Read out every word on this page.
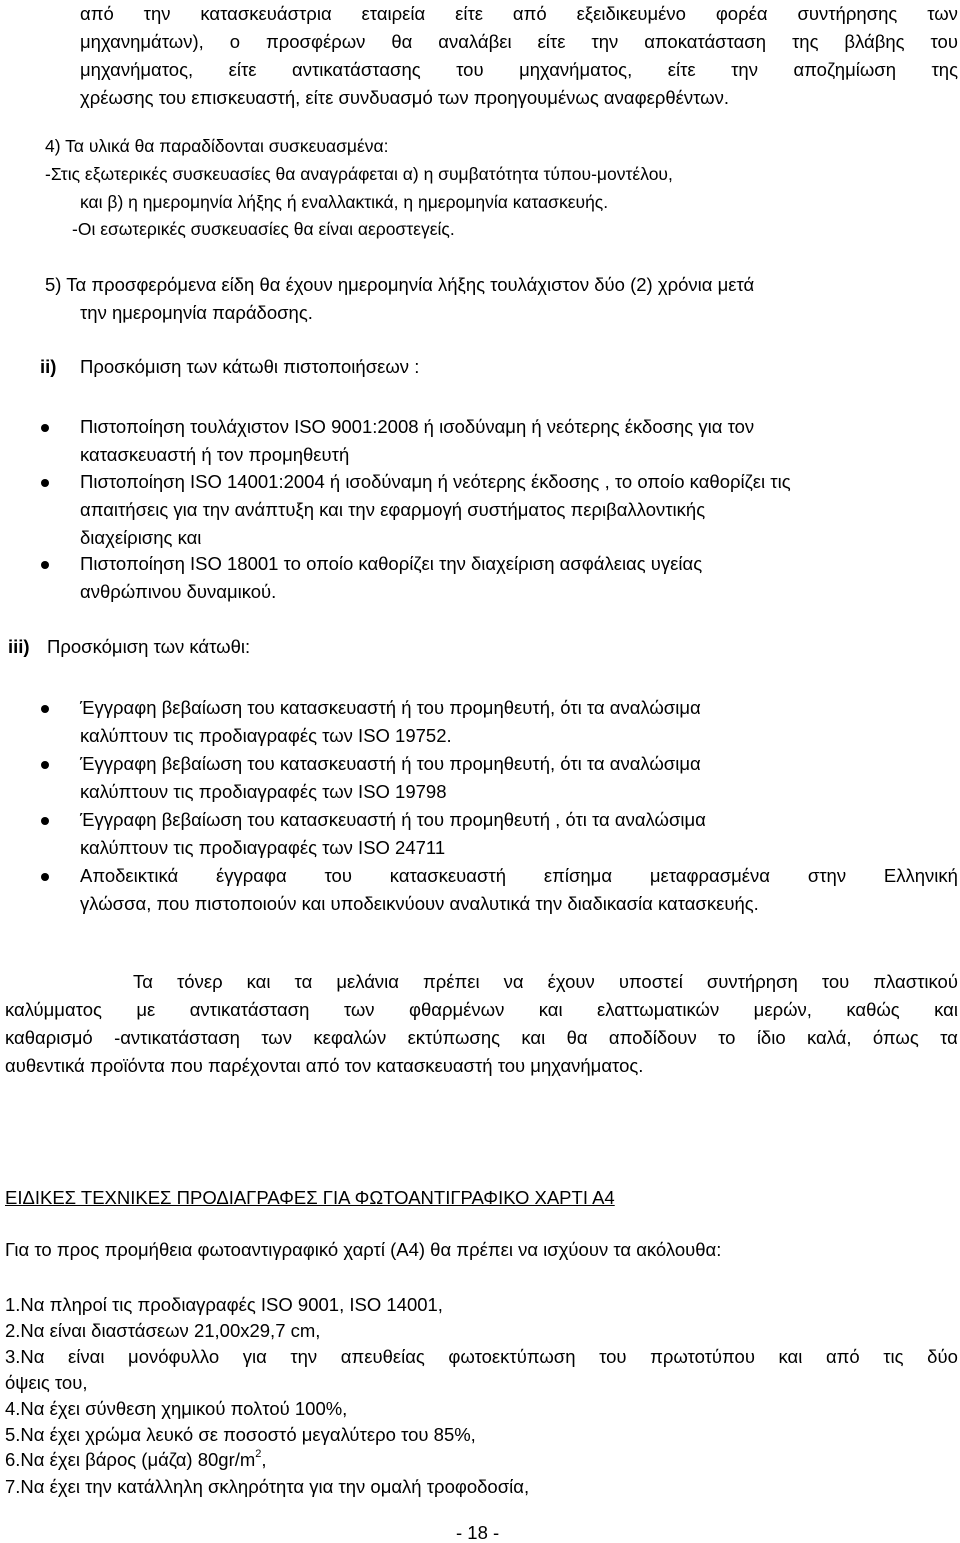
από την κατασκευάστρια εταιρεία είτε από εξειδικευμένο φορέα συντήρησης των
μηχανημάτων), ο προσφέρων θα αναλάβει είτε την αποκατάσταση της βλάβης του
μηχανήματος, είτε αντικατάστασης του μηχανήματος, είτε την αποζημίωση της
χρέωσης του επισκευαστή, είτε συνδυασμό των προηγουμένως αναφερθέντων.
4) Τα υλικά θα παραδίδονται συσκευασμένα:
-Στις εξωτερικές συσκευασίες θα αναγράφεται α) η συμβατότητα τύπου-μοντέλου,
και β) η ημερομηνία λήξης ή εναλλακτικά, η ημερομηνία κατασκευής.
-Οι εσωτερικές συσκευασίες θα είναι αεροστεγείς.
5) Τα προσφερόμενα είδη θα έχουν ημερομηνία λήξης τουλάχιστον δύο (2) χρόνια μετά
την ημερομηνία παράδοσης.
ii) Προσκόμιση των κάτωθι πιστοποιήσεων :
Πιστοποίηση τουλάχιστον ISO 9001:2008 ή ισοδύναμη ή νεότερης έκδοσης για τον
κατασκευαστή ή τον προμηθευτή
Πιστοποίηση ISO 14001:2004 ή ισοδύναμη ή νεότερης έκδοσης , το οποίο καθορίζει τις
απαιτήσεις για την ανάπτυξη και την εφαρμογή συστήματος περιβαλλοντικής
διαχείρισης και
Πιστοποίηση ISO 18001 το οποίο καθορίζει την διαχείριση ασφάλειας υγείας
ανθρώπινου δυναμικού.
iii) Προσκόμιση των κάτωθι:
Έγγραφη βεβαίωση του κατασκευαστή ή του προμηθευτή, ότι τα αναλώσιμα
καλύπτουν τις προδιαγραφές των ISO 19752.
Έγγραφη βεβαίωση του κατασκευαστή ή του προμηθευτή, ότι τα αναλώσιμα
καλύπτουν τις προδιαγραφές των ISO 19798
Έγγραφη βεβαίωση του κατασκευαστή ή του προμηθευτή , ότι τα αναλώσιμα
καλύπτουν τις προδιαγραφές των ISO 24711
Αποδεικτικά έγγραφα του κατασκευαστή επίσημα μεταφρασμένα στην Ελληνική
γλώσσα, που πιστοποιούν και υποδεικνύουν αναλυτικά την διαδικασία κατασκευής.
Τα τόνερ και τα μελάνια πρέπει να έχουν υποστεί συντήρηση του πλαστικού
καλύμματος με αντικατάσταση των φθαρμένων και ελαττωματικών μερών, καθώς και
καθαρισμό -αντικατάσταση των κεφαλών εκτύπωσης και θα αποδίδουν το ίδιο καλά, όπως τα
αυθεντικά προϊόντα που παρέχονται από τον κατασκευαστή του μηχανήματος.
ΕΙΔΙΚΕΣ ΤΕΧΝΙΚΕΣ ΠΡΟΔΙΑΓΡΑΦΕΣ ΓΙΑ ΦΩΤΟΑΝΤΙΓΡΑΦΙΚΟ ΧΑΡΤΙ Α4
Για το προς προμήθεια φωτοαντιγραφικό χαρτί (Α4) θα πρέπει να ισχύουν τα ακόλουθα:
1.Να πληροί τις προδιαγραφές ISO 9001, ISO 14001,
2.Να είναι διαστάσεων 21,00x29,7 cm,
3.Να είναι μονόφυλλο για την απευθείας φωτοεκτύπωση του πρωτοτύπου και από τις δύο
όψεις του,
4.Να έχει σύνθεση χημικού πολτού 100%,
5.Να έχει χρώμα λευκό σε ποσοστό μεγαλύτερο του 85%,
6.Να έχει βάρος (μάζα) $80gr/m^2$,
7.Να έχει την κατάλληλη σκληρότητα για την ομαλή τροφοδοσία,
- 18 -
